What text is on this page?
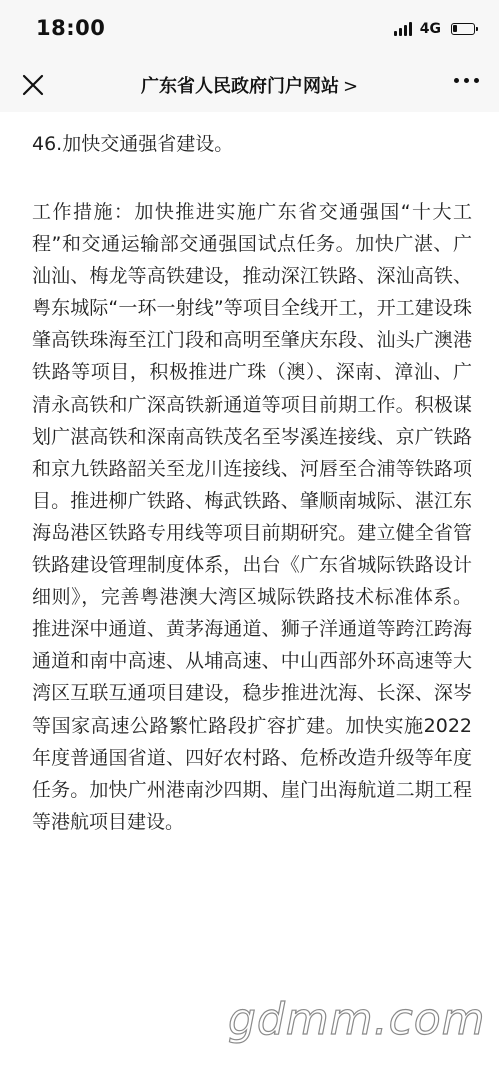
18:00	4G
广东省人民政府门户网站 >
46.加快交通强省建设。
工作措施：加快推进实施广东省交通强国“十大工程”和交通运输部交通强国试点任务。加快广湛、广汕汕、梅龙等高铁建设，推动深江铁路、深汕高铁、粤东城际“一环一射线”等项目全线开工，开工建设珠肇高铁珠海至江门段和高明至肇庆东段、汕头广澳港铁路等项目，积极推进广珠（澳）、深南、漳汕、广清永高铁和广深高铁新通道等项目前期工作。积极谋划广湛高铁和深南高铁茂名至岑溪连接线、京广铁路和京九铁路韶关至龙川连接线、河唇至合浦等铁路项目。推进柳广铁路、梅武铁路、肇顺南城际、湛江东海岛港区铁路专用线等项目前期研究。建立健全省管铁路建设管理制度体系，出台《广东省城际铁路设计细则》，完善粤港澳大湾区城际铁路技术标准体系。推进深中通道、黄茅海通道、狮子洋通道等跨江跨海通道和南中高速、从埔高速、中山西部外环高速等大湾区互联互通项目建设，稳步推进沈海、长深、深岑等国家高速公路繁忙路段扩容扩建。加快实施2022年度普通国省道、四好农村路、危桥改造升级等年度任务。加快广州港南沙四期、崖门出海航道二期工程等港航项目建设。
gdmm.com
